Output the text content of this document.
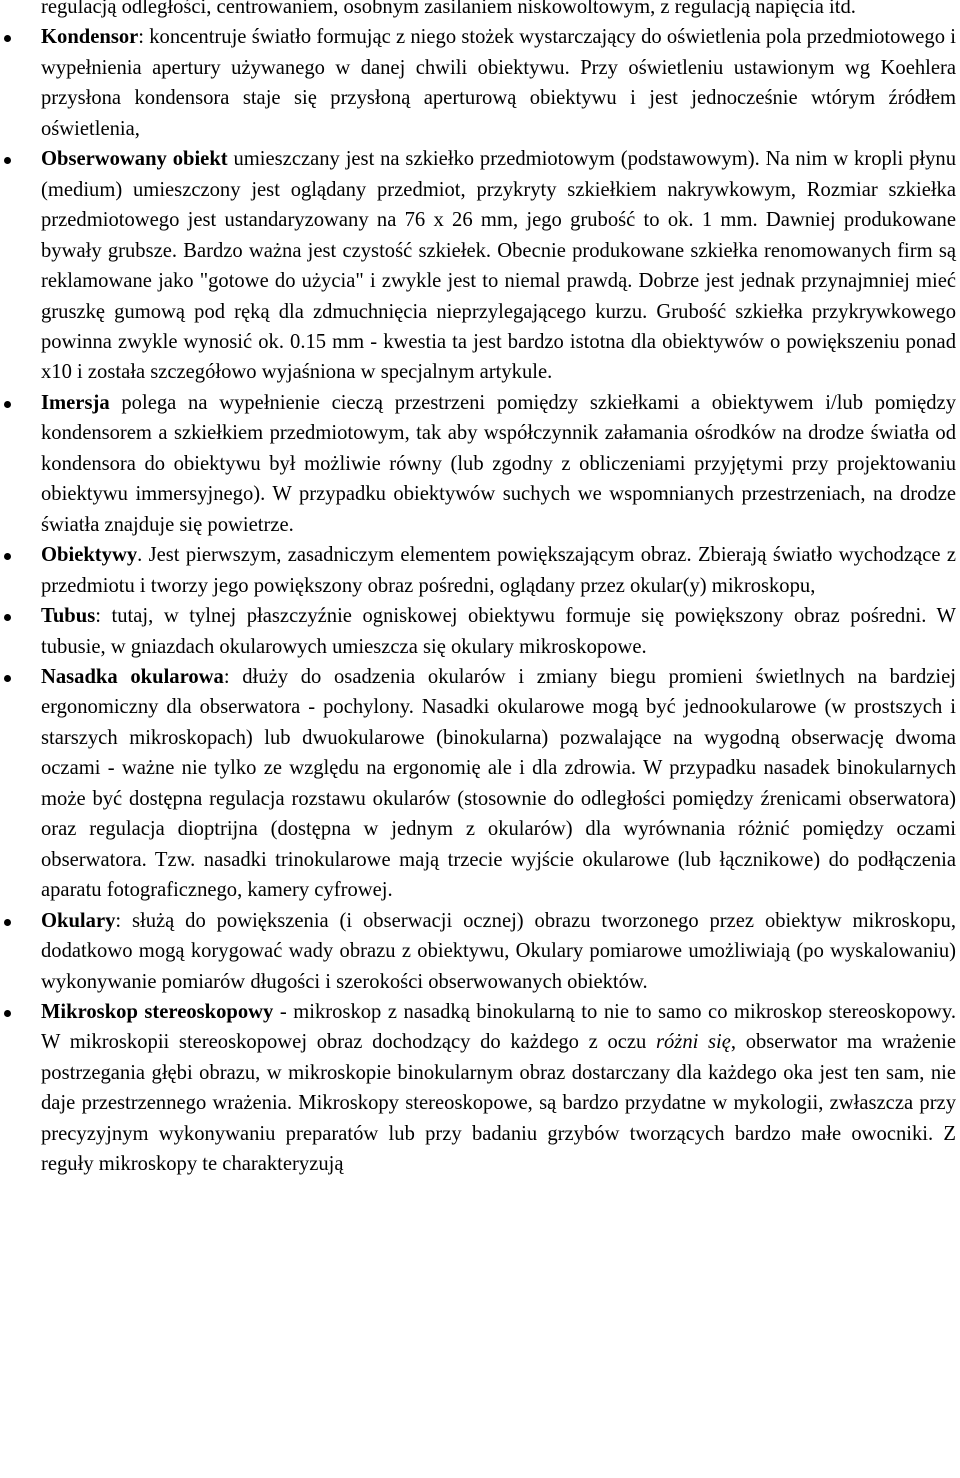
regulacją odległości, centrowaniem, osobnym zasilaniem niskowoltowym, z regulacją napięcia itd.

Kondensor: koncentruje światło formując z niego stożek wystarczający do oświetlenia pola przedmiotowego i wypełnienia apertury używanego w danej chwili obiektywu. Przy oświetleniu ustawionym wg Koehlera przysłona kondensora staje się przysłoną aperturową obiektywu i jest jednocześnie wtórym źródłem oświetlenia,

Obserwowany obiekt umieszczany jest na szkiełko przedmiotowym (podstawowym). Na nim w kropli płynu (medium) umieszczony jest oglądany przedmiot, przykryty szkiełkiem nakrywkowym, Rozmiar szkiełka przedmiotowego jest ustandaryzowany na 76 x 26 mm, jego grubość to ok. 1 mm. Dawniej produkowane bywały grubsze. Bardzo ważna jest czystość szkiełek. Obecnie produkowane szkiełka renomowanych firm są reklamowane jako "gotowe do użycia" i zwykle jest to niemal prawdą. Dobrze jest jednak przynajmniej mieć gruszkę gumową pod ręką dla zdmuchnięcia nieprzylegającego kurzu. Grubość szkiełka przykrywkowego powinna zwykle wynosić ok. 0.15 mm - kwestia ta jest bardzo istotna dla obiektywów o powiększeniu ponad x10 i została szczegółowo wyjaśniona w specjalnym artykule.

Imersja polega na wypełnienie cieczą przestrzeni pomiędzy szkiełkami a obiektywem i/lub pomiędzy kondensorem a szkiełkiem przedmiotowym, tak aby współczynnik załamania ośrodków na drodze światła od kondensora do obiektywu był możliwie równy (lub zgodny z obliczeniami przyjętymi przy projektowaniu obiektywu immersyjnego). W przypadku obiektywów suchych we wspomnianych przestrzeniach, na drodze światła znajduje się powietrze.

Obiektywy. Jest pierwszym, zasadniczym elementem powiększającym obraz. Zbierają światło wychodzące z przedmiotu i tworzy jego powiększony obraz pośredni, oglądany przez okular(y) mikroskopu,

Tubus: tutaj, w tylnej płaszczyźnie ogniskowej obiektywu formuje się powiększony obraz pośredni. W tubusie, w gniazdach okularowych umieszcza się okulary mikroskopowe.

Nasadka okularowa: dłuży do osadzenia okularów i zmiany biegu promieni świetlnych na bardziej ergonomiczny dla obserwatora - pochylony. Nasadki okularowe mogą być jednookularowe (w prostszych i starszych mikroskopach) lub dwuokularowe (binokularna) pozwalające na wygodną obserwację dwoma oczami - ważne nie tylko ze względu na ergonomię ale i dla zdrowia. W przypadku nasadek binokularnych może być dostępna regulacja rozstawu okularów (stosownie do odległości pomiędzy źrenicami obserwatora) oraz regulacja dioptrijna (dostępna w jednym z okularów) dla wyrównania różnić pomiędzy oczami obserwatora. Tzw. nasadki trinokularowe mają trzecie wyjście okularowe (lub łącznikowe) do podłączenia aparatu fotograficznego, kamery cyfrowej.

Okulary: służą do powiększenia (i obserwacji ocznej) obrazu tworzonego przez obiektyw mikroskopu, dodatkowo mogą korygować wady obrazu z obiektywu, Okulary pomiarowe umożliwiają (po wyskalowaniu) wykonywanie pomiarów długości i szerokości obserwowanych obiektów.

Mikroskop stereoskopowy - mikroskop z nasadką binokularną to nie to samo co mikroskop stereoskopowy. W mikroskopii stereoskopowej obraz dochodzący do każdego z oczu różni się, obserwator ma wrażenie postrzegania głębi obrazu, w mikroskopie binokularnym obraz dostarczany dla każdego oka jest ten sam, nie daje przestrzennego wrażenia. Mikroskopy stereoskopowe, są bardzo przydatne w mykologii, zwłaszcza przy precyzyjnym wykonywaniu preparatów lub przy badaniu grzybów tworzących bardzo małe owocniki. Z reguły mikroskopy te charakteryzują
